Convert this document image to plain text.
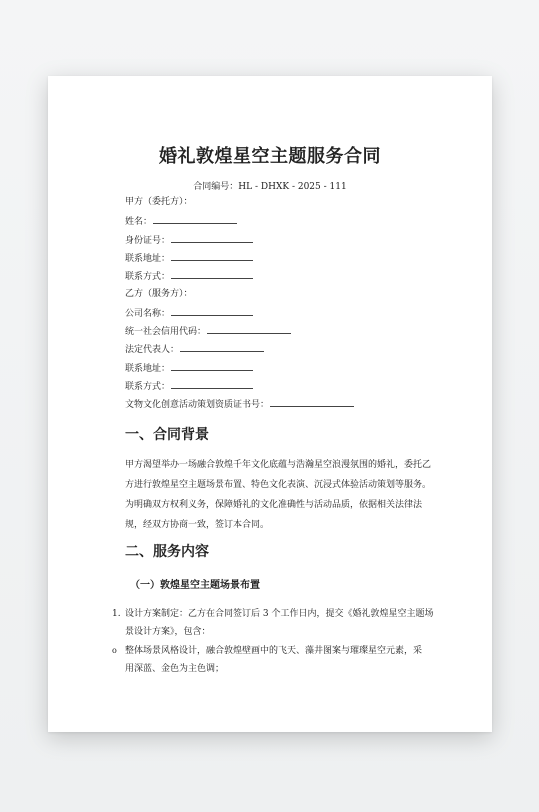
婚礼敦煌星空主题服务合同
合同编号：HL - DHXK - 2025 - 111
甲方（委托方）：
姓名：
身份证号：
联系地址：
联系方式：
乙方（服务方）：
公司名称：
统一社会信用代码：
法定代表人：
联系地址：
联系方式：
文物文化创意活动策划资质证书号：
一、合同背景
甲方渴望举办一场融合敦煌千年文化底蕴与浩瀚星空浪漫氛围的婚礼，委托乙
方进行敦煌星空主题场景布置、特色文化表演、沉浸式体验活动策划等服务。
为明确双方权利义务，保障婚礼的文化准确性与活动品质，依据相关法律法
规，经双方协商一致，签订本合同。
二、服务内容
（一）敦煌星空主题场景布置
1. 设计方案制定：乙方在合同签订后 3 个工作日内，提交《婚礼敦煌星空主题场
景设计方案》，包含：
o 整体场景风格设计，融合敦煌壁画中的飞天、藻井图案与璀璨星空元素，采
用深蓝、金色为主色调；
